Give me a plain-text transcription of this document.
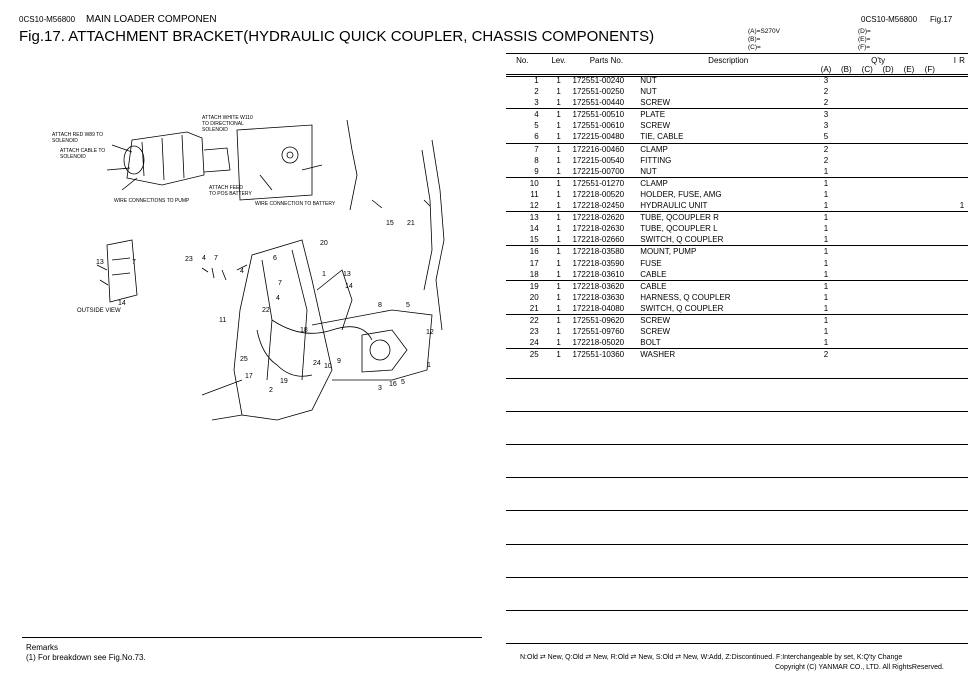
0CS10-M56800 MAIN LOADER COMPONEN	0CS10-M56800 Fig.17
Fig.17. ATTACHMENT BRACKET(HYDRAULIC QUICK COUPLER, CHASSIS COMPONENTS)	(A)=S270V
(B)=
(C)=
(D)=
(E)=
(F)=
ATTACH WHITE W110
TO DIRECTIONAL
SOLENOID
ATTACH RED W89 TO
SOLENOID
ATTACH CABLE TO
SOLENOID
WIRE CONNECTIONS TO PUMP
ATTACH FEED
TO POS BATTERY
WIRE CONNECTION TO BATTERY
OUTSIDE VIEW
15 21
20
13	7	23 4 7
4
6
1 13
14
7
4
22
8	5
11
18	12
25
24 10
9
17
19
2
1
3
16 5
14
No.	Lev.	Parts No.	Description	Q'ty						I	R
				(A)	(B)	(C)	(D)	(E)	(F)		
1	1	172551-00240	NUT	3							
2	1	172551-00250	NUT	2							
3	1	172551-00440	SCREW	2							
4	1	172551-00510	PLATE	3							
5	1	172551-00610	SCREW	3							
6	1	172215-00480	TIE, CABLE	5							
7	1	172216-00460	CLAMP	2							
8	1	172215-00540	FITTING	2							
9	1	172215-00700	NUT	1							
10	1	172551-01270	CLAMP	1							
11	1	172218-00520	HOLDER, FUSE, AMG	1							
12	1	172218-02450	HYDRAULIC UNIT	1							1
13	1	172218-02620	TUBE, QCOUPLER R	1							
14	1	172218-02630	TUBE, QCOUPLER L	1							
15	1	172218-02660	SWITCH, Q COUPLER	1							
16	1	172218-03580	MOUNT, PUMP	1							
17	1	172218-03590	FUSE	1							
18	1	172218-03610	CABLE	1							
19	1	172218-03620	CABLE	1							
20	1	172218-03630	HARNESS, Q COUPLER	1							
21	1	172218-04080	SWITCH, Q COUPLER	1							
22	1	172551-09620	SCREW	1							
23	1	172551-09760	SCREW	1							
24	1	172218-05020	BOLT	1							
25	1	172551-10360	WASHER	2							
Remarks
(1) For breakdown see Fig.No.73.	N:Old ⇄ New, Q:Old ⇄ New, R:Old ⇄ New, S:Old ⇄ New, W:Add, Z:Discontinued. F:Interchangeable by set, K:Q'ty Change
Copyright (C) YANMAR CO., LTD. All RightsReserved.
